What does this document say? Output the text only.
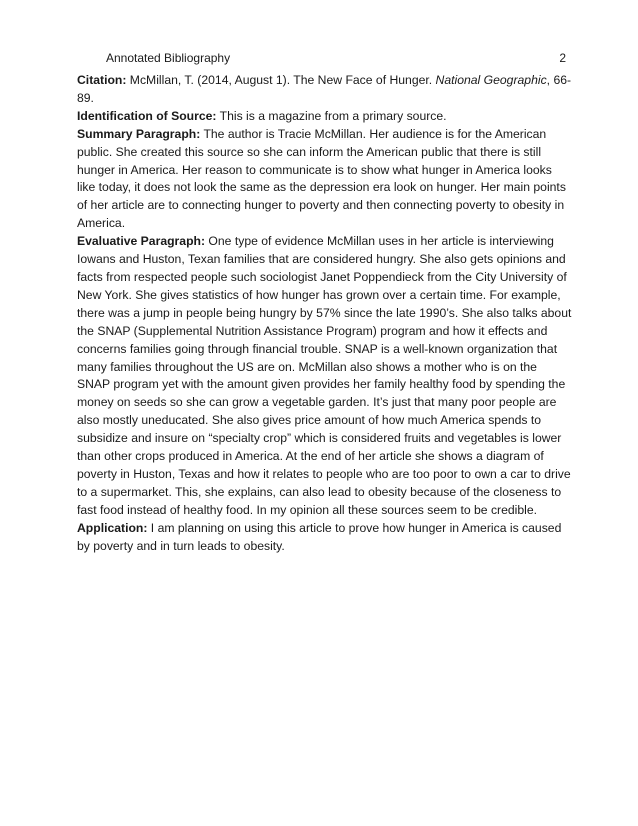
Annotated Bibliography	2

Citation: McMillan, T. (2014, August 1). The New Face of Hunger. National Geographic, 66-89.

Identification of Source: This is a magazine from a primary source.

Summary Paragraph: The author is Tracie McMillan. Her audience is for the American public. She created this source so she can inform the American public that there is still hunger in America. Her reason to communicate is to show what hunger in America looks like today, it does not look the same as the depression era look on hunger. Her main points of her article are to connecting hunger to poverty and then connecting poverty to obesity in America.

Evaluative Paragraph: One type of evidence McMillan uses in her article is interviewing Iowans and Huston, Texan families that are considered hungry. She also gets opinions and facts from respected people such sociologist Janet Poppendieck from the City University of New York. She gives statistics of how hunger has grown over a certain time. For example, there was a jump in people being hungry by 57% since the late 1990’s. She also talks about the SNAP (Supplemental Nutrition Assistance Program) program and how it effects and concerns families going through financial trouble. SNAP is a well-known organization that many families throughout the US are on. McMillan also shows a mother who is on the SNAP program yet with the amount given provides her family healthy food by spending the money on seeds so she can grow a vegetable garden. It’s just that many poor people are also mostly uneducated. She also gives price amount of how much America spends to subsidize and insure on “specialty crop” which is considered fruits and vegetables is lower than other crops produced in America. At the end of her article she shows a diagram of poverty in Huston, Texas and how it relates to people who are too poor to own a car to drive to a supermarket. This, she explains, can also lead to obesity because of the closeness to fast food instead of healthy food. In my opinion all these sources seem to be credible.

Application: I am planning on using this article to prove how hunger in America is caused by poverty and in turn leads to obesity.
